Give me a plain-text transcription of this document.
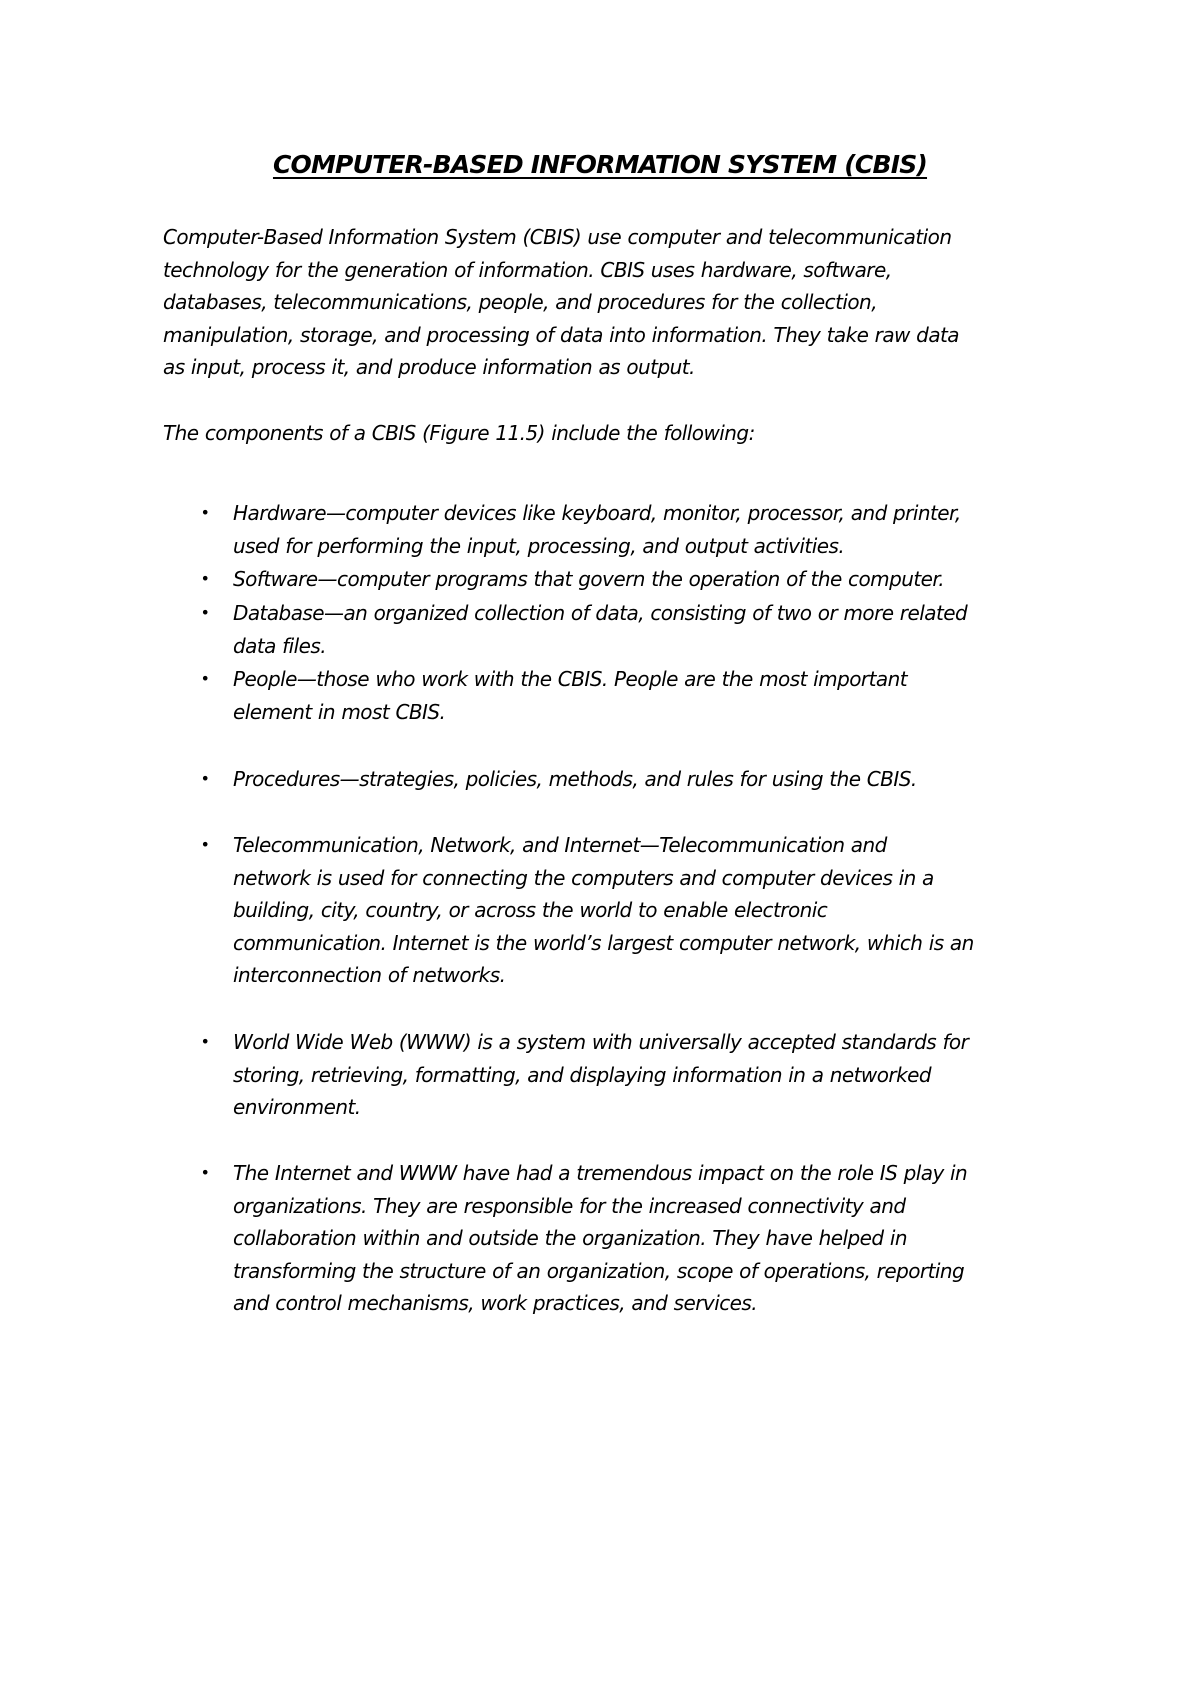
COMPUTER-BASED INFORMATION SYSTEM (CBIS)
Computer-Based Information System (CBIS) use computer and telecommunication
technology for the generation of information. CBIS uses hardware, software,
databases, telecommunications, people, and procedures for the collection,
manipulation, storage, and processing of data into information. They take raw data
as input, process it, and produce information as output.

The components of a CBIS (Figure 11.5) include the following:

• Hardware—computer devices like keyboard, monitor, processor, and printer,
used for performing the input, processing, and output activities.
• Software—computer programs that govern the operation of the computer.
• Database—an organized collection of data, consisting of two or more related
data files.
• People—those who work with the CBIS. People are the most important
element in most CBIS.
• Procedures—strategies, policies, methods, and rules for using the CBIS.
• Telecommunication, Network, and Internet—Telecommunication and
network is used for connecting the computers and computer devices in a
building, city, country, or across the world to enable electronic
communication. Internet is the world’s largest computer network, which is an
interconnection of networks.
• World Wide Web (WWW) is a system with universally accepted standards for
storing, retrieving, formatting, and displaying information in a networked
environment.
• The Internet and WWW have had a tremendous impact on the role IS play in
organizations. They are responsible for the increased connectivity and
collaboration within and outside the organization. They have helped in
transforming the structure of an organization, scope of operations, reporting
and control mechanisms, work practices, and services.
